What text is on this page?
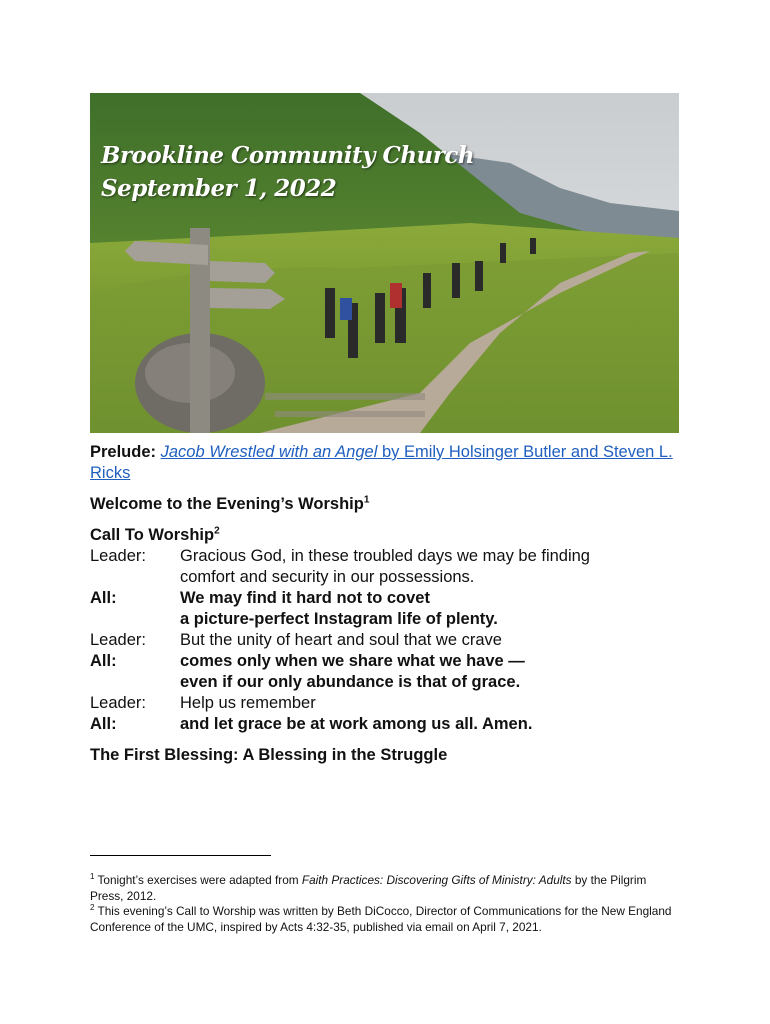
Brookline Community Church
September 1, 2022

Prelude: Jacob Wrestled with an Angel by Emily Holsinger Butler and Steven L. Ricks

Welcome to the Evening’s Worship$^1$

Call To Worship$^2$

Leader:	Gracious God, in these troubled days we may be finding
comfort and security in our possessions.
All:	We may find it hard not to covet
a picture-perfect Instagram life of plenty.
Leader:	But the unity of heart and soul that we crave
All:	comes only when we share what we have —
even if our only abundance is that of grace.
Leader:	Help us remember
All:	and let grace be at work among us all. Amen.

The First Blessing: A Blessing in the Struggle

$^1$ Tonight’s exercises were adapted from Faith Practices: Discovering Gifts of Ministry: Adults by the Pilgrim Press, 2012.

$^2$ This evening’s Call to Worship was written by Beth DiCocco, Director of Communications for the New England Conference of the UMC, inspired by Acts 4:32-35, published via email on April 7, 2021.
